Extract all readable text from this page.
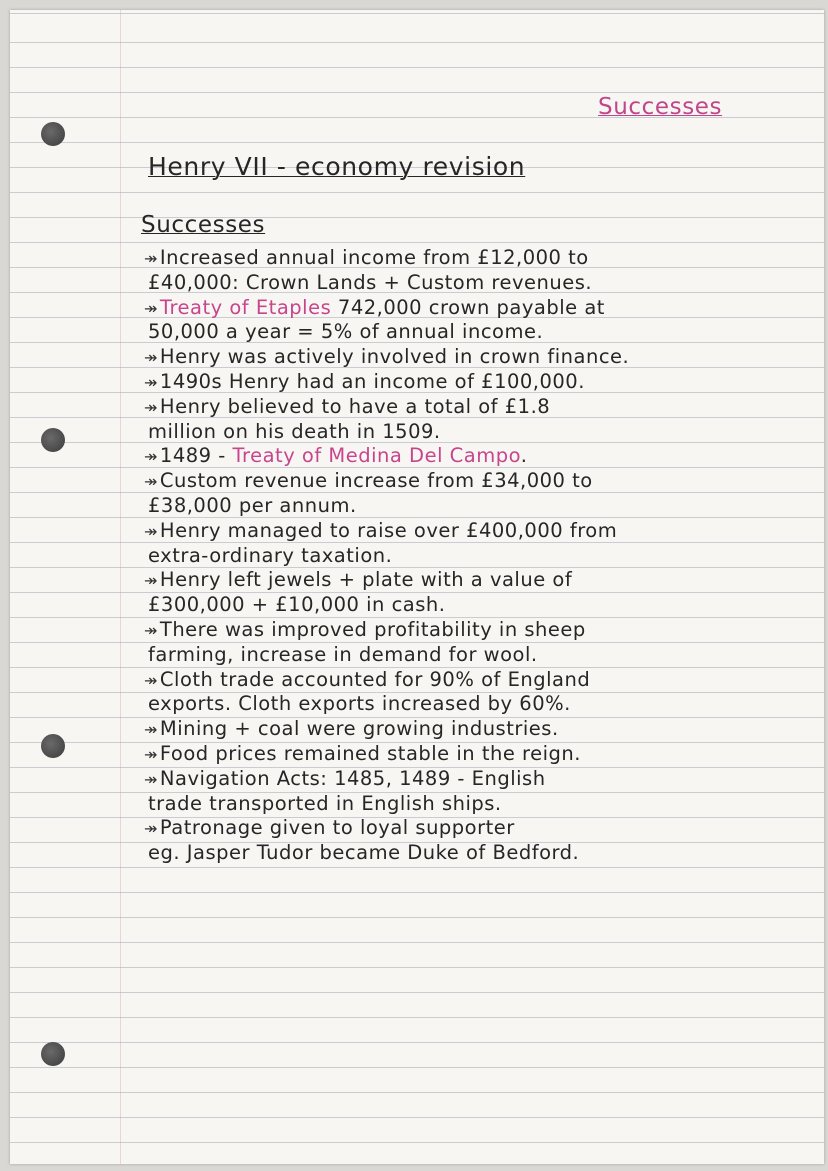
Successes

Henry VII - economy revision

Successes

↠ Increased annual income from £12,000 to
£40,000: Crown Lands + Custom revenues.
↠ Treaty of Etaples 742,000 crown payable at
50,000 a year = 5% of annual income.
↠ Henry was actively involved in crown finance.
↠ 1490s Henry had an income of £100,000.
↠ Henry believed to have a total of £1.8
million on his death in 1509.
↠ 1489 - Treaty of Medina Del Campo.
↠ Custom revenue increase from £34,000 to
£38,000 per annum.
↠ Henry managed to raise over £400,000 from
extra-ordinary taxation.
↠ Henry left jewels + plate with a value of
£300,000 + £10,000 in cash.
↠ There was improved profitability in sheep
farming, increase in demand for wool.
↠ Cloth trade accounted for 90% of England
exports. Cloth exports increased by 60%.
↠ Mining + coal were growing industries.
↠ Food prices remained stable in the reign.
↠ Navigation Acts: 1485, 1489 - English
trade transported in English ships.
↠ Patronage given to loyal supporter
eg. Jasper Tudor became Duke of Bedford.
